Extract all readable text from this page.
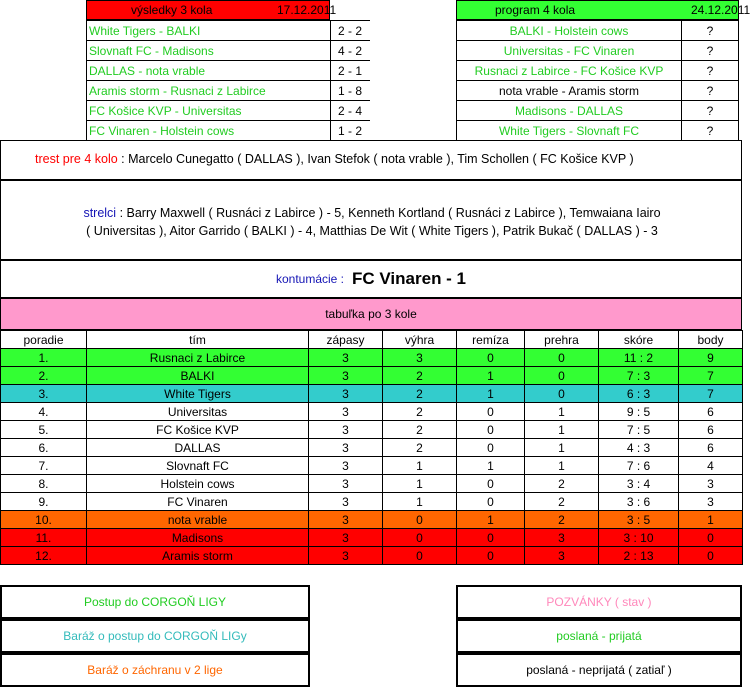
výsledky 3 kola	17.12.2011	program 4 kola	24.12.2011
White Tigers - BALKI	2 - 2
Slovnaft FC - Madisons	4 - 2
DALLAS - nota vrable	2 - 1
Aramis storm - Rusnaci z Labirce	1 - 8
FC Košice KVP - Universitas	2 - 4
FC Vinaren - Holstein cows	1 - 2
BALKI - Holstein cows	?
Universitas - FC Vinaren	?
Rusnaci z Labirce - FC Košice KVP	?
nota vrable - Aramis storm	?
Madisons - DALLAS	?
White Tigers - Slovnaft FC	?
trest pre 4 kolo : Marcelo Cunegatto ( DALLAS ), Ivan Stefok ( nota vrable ), Tim Schollen ( FC Košice KVP )
strelci : Barry Maxwell ( Rusnáci z Labirce ) - 5, Kenneth Kortland ( Rusnáci z Labirce ), Temwaiana Iairo
( Universitas ), Aitor Garrido ( BALKI ) - 4, Matthias De Wit ( White Tigers ), Patrik Bukač ( DALLAS ) - 3
kontumácie : FC Vinaren - 1
tabuľka po 3 kole
poradie	tím	zápasy	výhra	remíza	prehra	skóre	body
1.	Rusnaci z Labirce	3	3	0	0	11 : 2	9
2.	BALKI	3	2	1	0	7 : 3	7
3.	White Tigers	3	2	1	0	6 : 3	7
4.	Universitas	3	2	0	1	9 : 5	6
5.	FC Košice KVP	3	2	0	1	7 : 5	6
6.	DALLAS	3	2	0	1	4 : 3	6
7.	Slovnaft FC	3	1	1	1	7 : 6	4
8.	Holstein cows	3	1	0	2	3 : 4	3
9.	FC Vinaren	3	1	0	2	3 : 6	3
10.	nota vrable	3	0	1	2	3 : 5	1
11.	Madisons	3	0	0	3	3 : 10	0
12.	Aramis storm	3	0	0	3	2 : 13	0
Postup do CORGOŇ LIGY
Baráž o postup do CORGOŇ LIGy
Baráž o záchranu v 2 lige
POZVÁNKY ( stav )
poslaná - prijatá
poslaná - neprijatá ( zatiaľ )
